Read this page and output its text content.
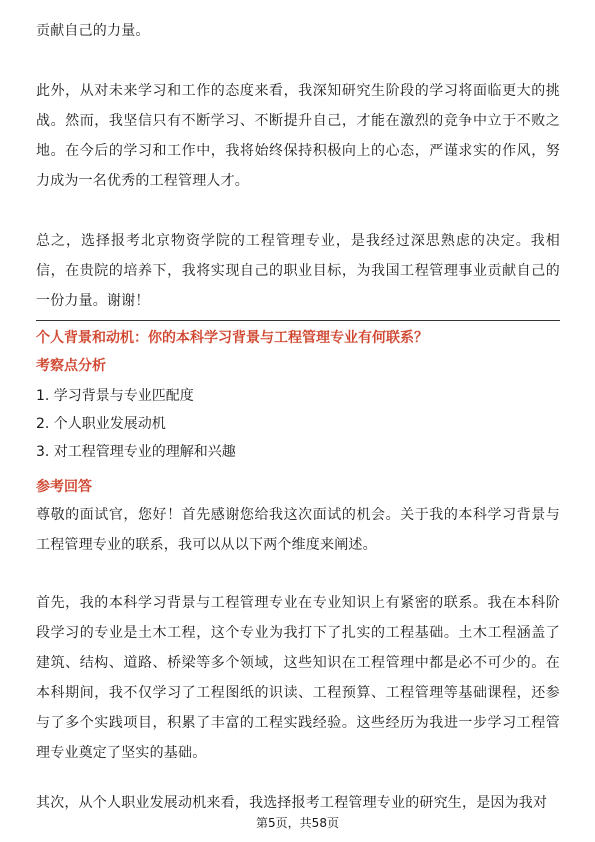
贡献自己的力量。

此外，从对未来学习和工作的态度来看，我深知研究生阶段的学习将面临更大的挑战。然而，我坚信只有不断学习、不断提升自己，才能在激烈的竞争中立于不败之地。在今后的学习和工作中，我将始终保持积极向上的心态，严谨求实的作风，努力成为一名优秀的工程管理人才。

总之，选择报考北京物资学院的工程管理专业，是我经过深思熟虑的决定。我相信，在贵院的培养下，我将实现自己的职业目标，为我国工程管理事业贡献自己的一份力量。谢谢！

个人背景和动机：你的本科学习背景与工程管理专业有何联系？

考察点分析

1. 学习背景与专业匹配度
2. 个人职业发展动机
3. 对工程管理专业的理解和兴趣

参考回答

尊敬的面试官，您好！首先感谢您给我这次面试的机会。关于我的本科学习背景与工程管理专业的联系，我可以从以下两个维度来阐述。

首先，我的本科学习背景与工程管理专业在专业知识上有紧密的联系。我在本科阶段学习的专业是土木工程，这个专业为我打下了扎实的工程基础。土木工程涵盖了建筑、结构、道路、桥梁等多个领域，这些知识在工程管理中都是必不可少的。在本科期间，我不仅学习了工程图纸的识读、工程预算、工程管理等基础课程，还参与了多个实践项目，积累了丰富的工程实践经验。这些经历为我进一步学习工程管理专业奠定了坚实的基础。

其次，从个人职业发展动机来看，我选择报考工程管理专业的研究生，是因为我对

第5页，共58页
